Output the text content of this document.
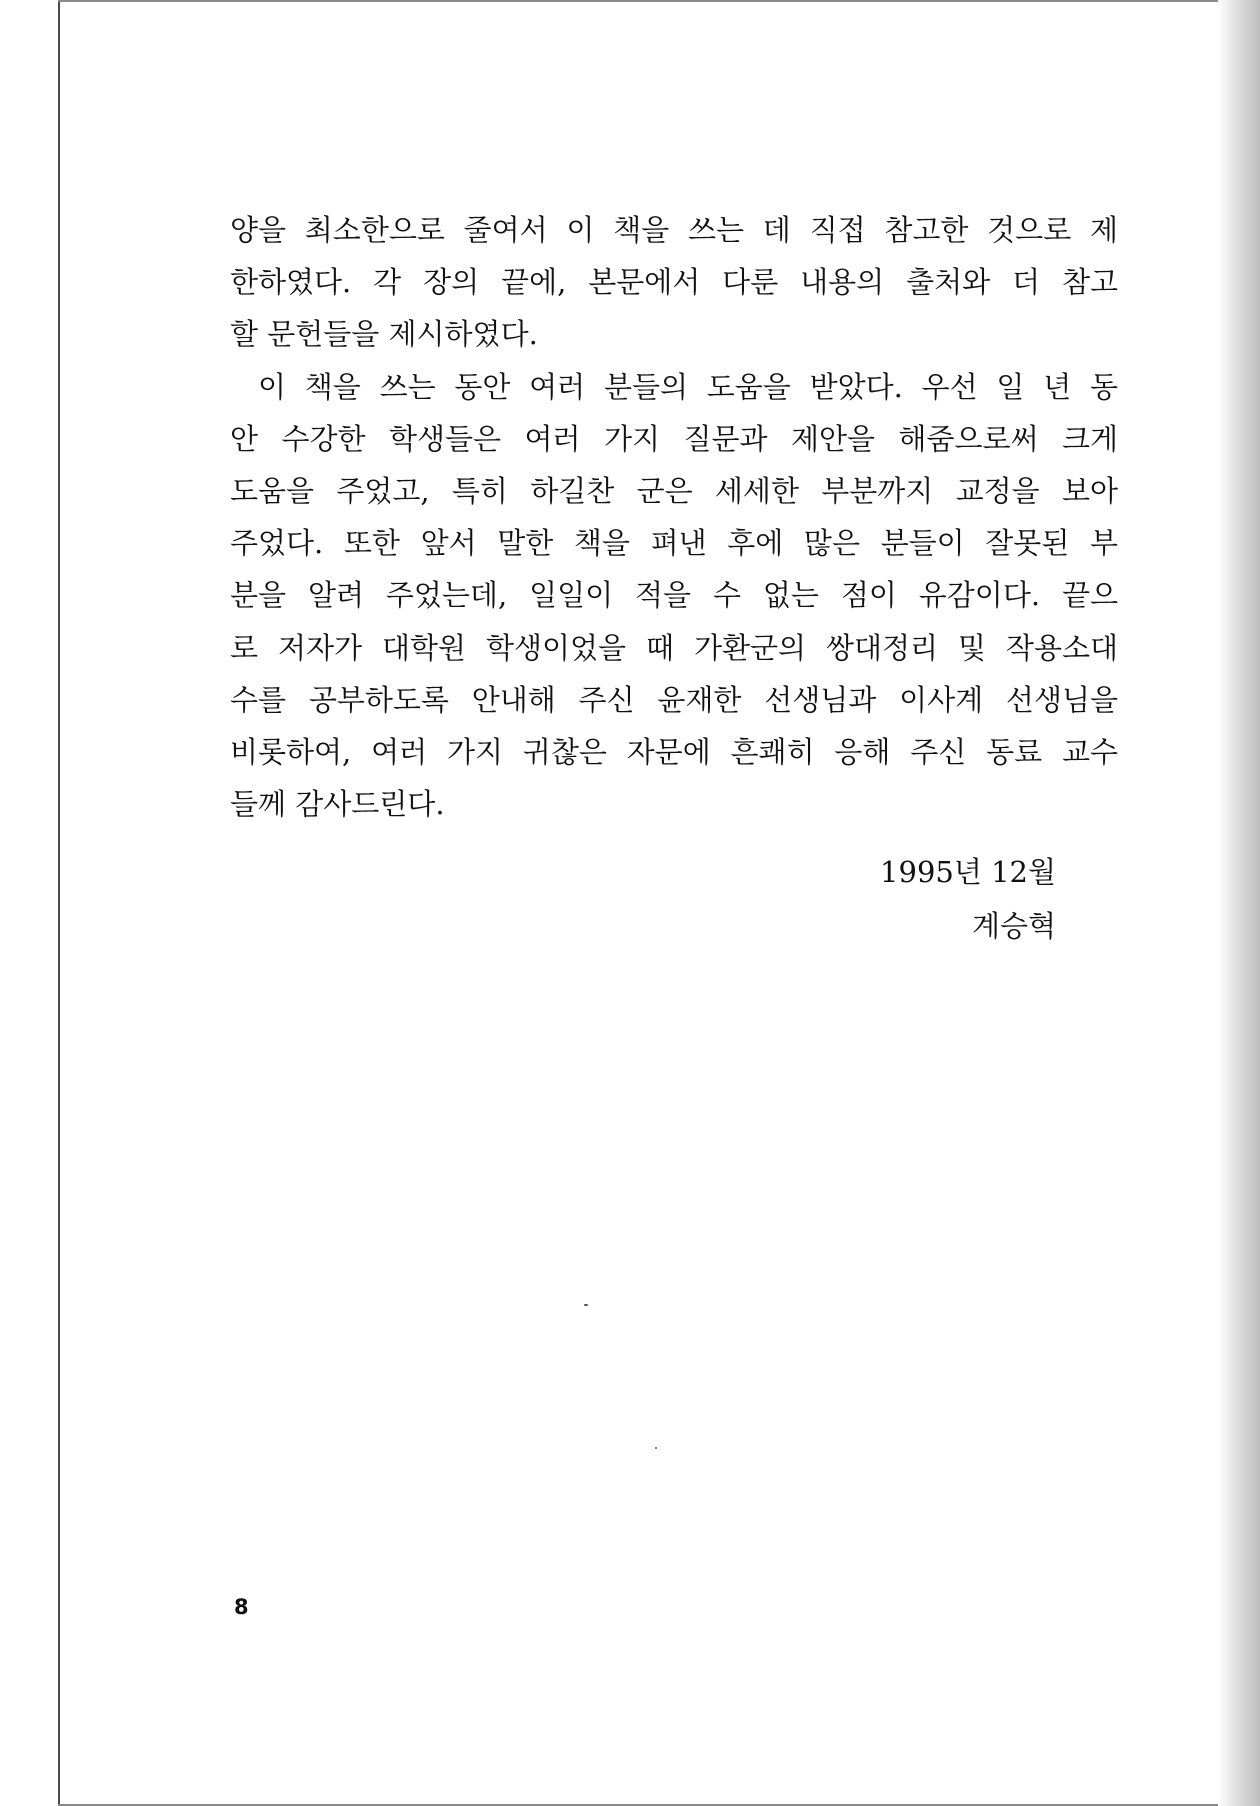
양을 최소한으로 줄여서 이 책을 쓰는 데 직접 참고한 것으로 제
한하였다. 각 장의 끝에, 본문에서 다룬 내용의 출처와 더 참고
할 문헌들을 제시하였다.
이 책을 쓰는 동안 여러 분들의 도움을 받았다. 우선 일 년 동
안 수강한 학생들은 여러 가지 질문과 제안을 해줌으로써 크게
도움을 주었고, 특히 하길찬 군은 세세한 부분까지 교정을 보아
주었다. 또한 앞서 말한 책을 펴낸 후에 많은 분들이 잘못된 부
분을 알려 주었는데, 일일이 적을 수 없는 점이 유감이다. 끝으
로 저자가 대학원 학생이었을 때 가환군의 쌍대정리 및 작용소대
수를 공부하도록 안내해 주신 윤재한 선생님과 이사계 선생님을
비롯하여, 여러 가지 귀찮은 자문에 흔쾌히 응해 주신 동료 교수
들께 감사드린다.
1995년 12월
계승혁
8
